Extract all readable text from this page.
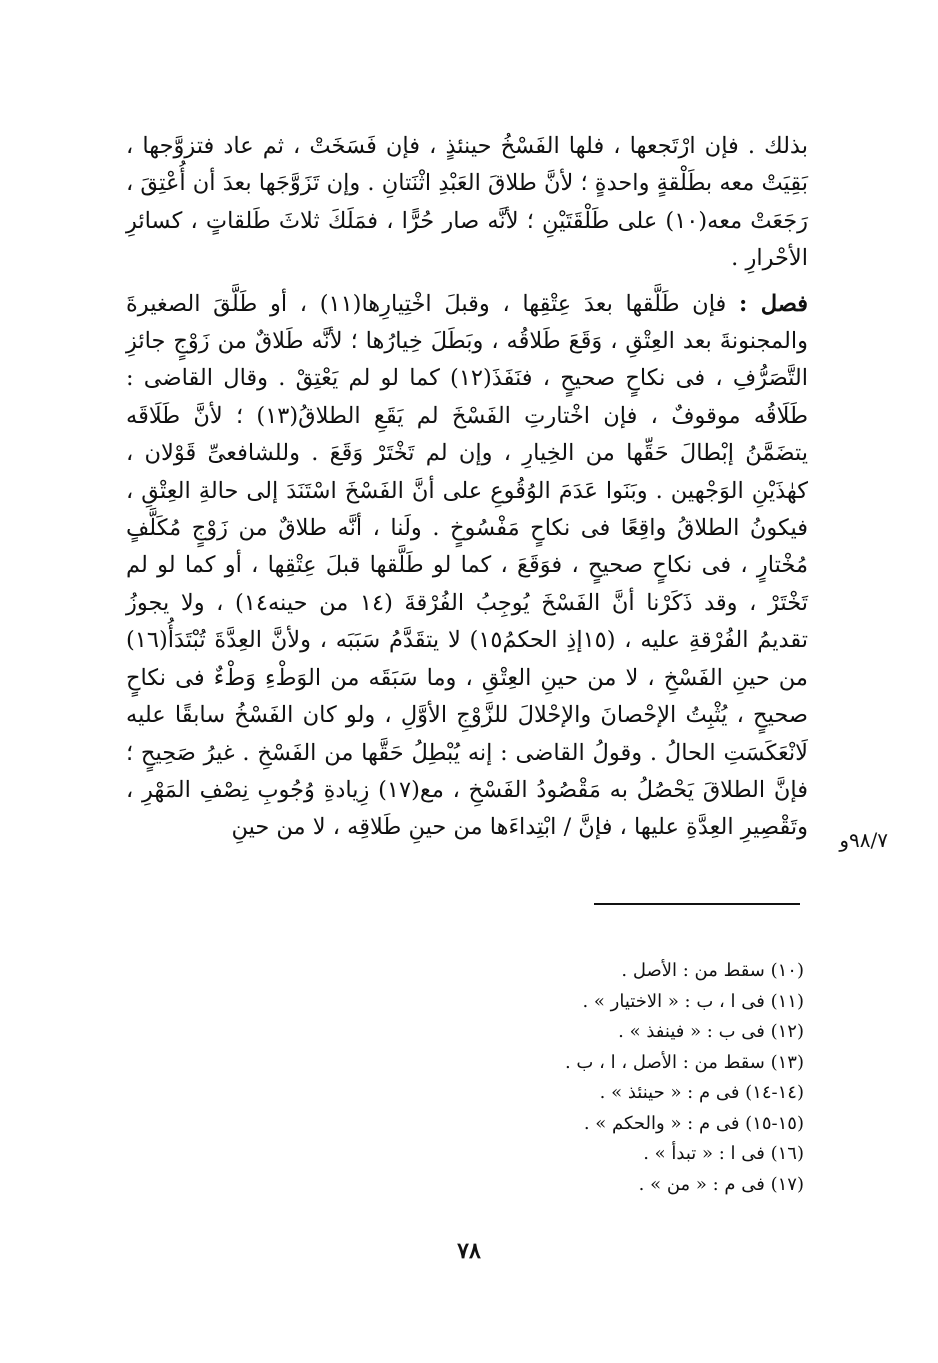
بذلك . فإن ارْتَجعها ، فلها الفَسْخُ حينئذٍ ، فإن فَسَخَتْ ، ثم عاد فتزوَّجها ، بَقِيَتْ معه بطَلْقةٍ واحدةٍ ؛ لأنَّ طلاقَ العَبْدِ اثْنَتانِ . وإن تَزَوَّجَها بعدَ أن أُعْتِقَ ، رَجَعَتْ معه(١٠) على طَلْقَتَيْنِ ؛ لأنَّه صار حُرًّا ، فمَلَكَ ثلاثَ طَلقاتٍ ، كسائرِ الأحْرارِ .

فصل : فإن طَلَّقها بعدَ عِتْقِها ، وقبلَ اخْتِيارِها(١١) ، أو طَلَّقَ الصغيرةَ والمجنونةَ بعد العِتْقِ ، وَقَعَ طَلاقُه ، وبَطَلَ خِيارُها ؛ لأنَّه طَلاقٌ من زَوْجٍ جائزِ التَّصَرُّفِ ، فى نكاحٍ صحيحٍ ، فنَفَذَ(١٢) كما لو لم يَعْتِقْ . وقال القاضى : طَلَاقُه موقوفٌ ، فإن اخْتارتِ الفَسْخَ لم يَقَعِ الطلاقُ(١٣) ؛ لأنَّ طَلَاقَه يتضَمَّنُ إبْطالَ حَقِّها من الخِيارِ ، وإن لم تَخْتَرْ وَقَعَ . وللشافعىِّ قَوْلان ، كهٰذَيْنِ الوَجْهين . وبَنَوا عَدَمَ الوُقُوعِ على أنَّ الفَسْخَ اسْتَنَدَ إلى حالةِ العِتْقِ ، فيكونُ الطلاقُ واقِعًا فى نكاحٍ مَفْسُوخٍ . ولَنا ، أنَّه طلاقٌ من زَوْجٍ مُكَلَّفٍ مُخْتارٍ ، فى نكاحٍ صحيحٍ ، فوَقَعَ ، كما لو طَلَّقها قبلَ عِتْقِها ، أو كما لو لم تَخْتَرْ ، وقد ذَكَرْنا أنَّ الفَسْخَ يُوجِبُ الفُرْقةَ (١٤ من حينه١٤) ، ولا يجوزُ تقديمُ الفُرْقةِ عليه ، (١٥إذِ الحكمُ١٥) لا يتقَدَّمُ سَبَبَه ، ولأنَّ العِدَّةَ تُبْتَدَأُ(١٦) من حينِ الفَسْخِ ، لا من حينِ العِتْقِ ، وما سَبَقَه من الوَطْءِ وَطْءٌ فى نكاحٍ صحيحٍ ، يُثْبِتُ الإحْصانَ والإحْلالَ للزَّوْجِ الأوَّلِ ، ولو كان الفَسْخُ سابقًا عليه لَانْعَكَسَتِ الحالُ . وقولُ القاضى : إنه يُبْطِلُ حَقَّها من الفَسْخِ . غيرُ صَحِيحٍ ؛ فإنَّ الطلاقَ يَحْصُلُ به مَقْصُودُ الفَسْخِ ، مع(١٧) زِيادةِ وُجُوبِ نِصْفِ المَهْرِ ، وتَقْصِيرِ العِدَّةِ عليها ، فإنَّ / ابْتِداءَها من حينِ طَلاقِه ، لا من حينِ	٩٨/٧و
(١٠) سقط من : الأصل .
(١١) فى ا ، ب : « الاختيار » .
(١٢) فى ب : « فينفذ » .
(١٣) سقط من : الأصل ، ا ، ب .
(١٤-١٤) فى م : « حينئذ » .
(١٥-١٥) فى م : « والحكم » .
(١٦) فى ا : « تبدأ » .
(١٧) فى م : « من » .
٧٨
